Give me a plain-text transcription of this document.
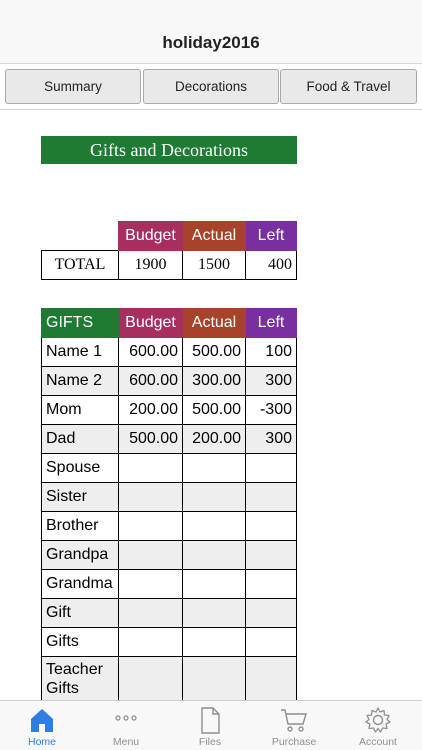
holiday2016
Summary	Decorations	Food & Travel
Gifts and Decorations
	Budget	Actual	Left
TOTAL	1900	1500	400
GIFTS	Budget	Actual	Left
Name 1	600.00	500.00	100
Name 2	600.00	300.00	300
Mom	200.00	500.00	-300
Dad	500.00	200.00	300
Spouse			
Sister			
Brother			
Grandpa			
Grandma			
Gift			
Gifts			
Teacher Gifts			
Home	Menu	Files	Purchase	Account
